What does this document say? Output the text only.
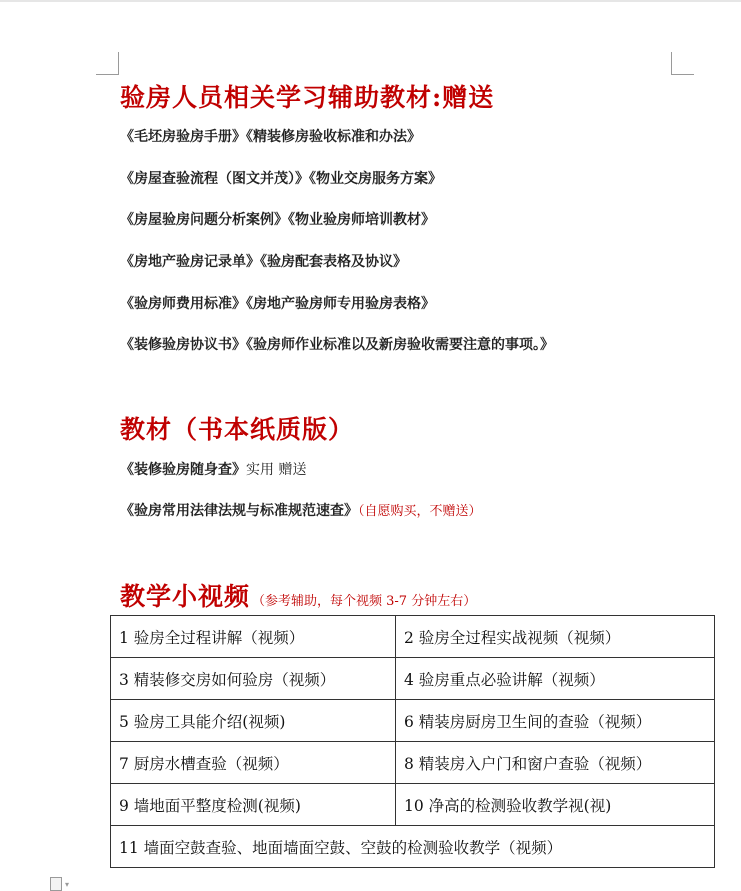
验房人员相关学习辅助教材:赠送
《毛坯房验房手册》《精装修房验收标准和办法》
《房屋查验流程（图文并茂）》《物业交房服务方案》
《房屋验房问题分析案例》《物业验房师培训教材》
《房地产验房记录单》《验房配套表格及协议》
《验房师费用标准》《房地产验房师专用验房表格》
《装修验房协议书》《验房师作业标准以及新房验收需要注意的事项。》
教材（书本纸质版）
《装修验房随身查》实用 赠送
《验房常用法律法规与标准规范速查》（自愿购买，不赠送）
教学小视频 （参考辅助，每个视频 3-7 分钟左右）
1 验房全过程讲解（视频）	2 验房全过程实战视频（视频）
3 精装修交房如何验房（视频）	4 验房重点必验讲解（视频）
5 验房工具能介绍(视频)	6 精装房厨房卫生间的查验（视频）
7 厨房水槽查验（视频）	8 精装房入户门和窗户查验（视频）
9 墙地面平整度检测(视频)	10 净高的检测验收教学视(视)
11 墙面空鼓查验、地面墙面空鼓、空鼓的检测验收教学（视频）	
▾
